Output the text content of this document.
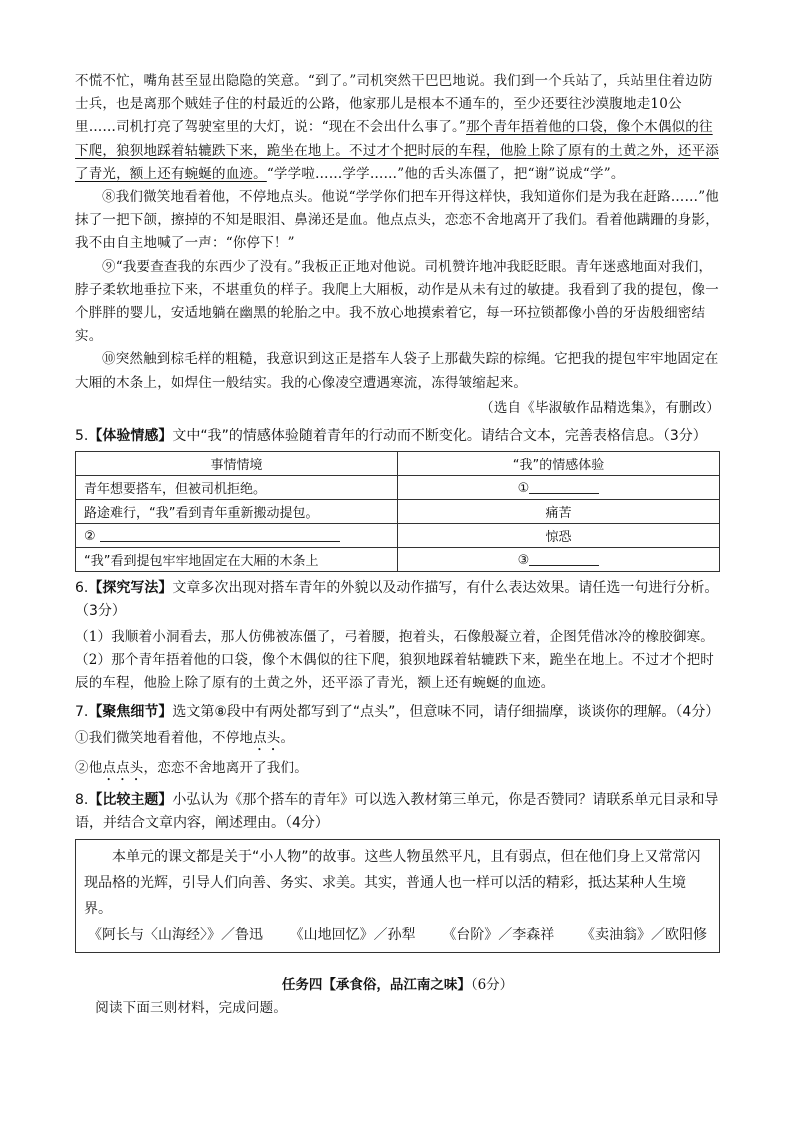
不慌不忙，嘴角甚至显出隐隐的笑意。“到了。”司机突然干巴巴地说。我们到一个兵站了，兵站里住着边防士兵，也是离那个贼娃子住的村最近的公路，他家那儿是根本不通车的，至少还要往沙漠腹地走10公里……司机打亮了驾驶室里的大灯，说：“现在不会出什么事了。”那个青年捂着他的口袋，像个木偶似的往下爬，狼狈地踩着轱辘跌下来，跪坐在地上。不过才个把时辰的车程，他脸上除了原有的土黄之外，还平添了青光，额上还有蜿蜒的血迹。“学学啦……学学……”他的舌头冻僵了，把“谢”说成“学”。

⑧我们微笑地看着他，不停地点头。他说“学学你们把车开得这样快，我知道你们是为我在赶路……”他抹了一把下颌，擦掉的不知是眼泪、鼻涕还是血。他点点头，恋恋不舍地离开了我们。看着他蹒跚的身影，我不由自主地喊了一声：“你停下！”

⑨“我要查查我的东西少了没有。”我板正正地对他说。司机赞许地冲我眨眨眼。青年迷惑地面对我们，脖子柔软地垂拉下来，不堪重负的样子。我爬上大厢板，动作是从未有过的敏捷。我看到了我的提包，像一个胖胖的婴儿，安适地躺在幽黑的轮胎之中。我不放心地摸索着它，每一环拉锁都像小兽的牙齿般细密结实。

⑩突然触到棕毛样的粗糙，我意识到这正是搭车人袋子上那截失踪的棕绳。它把我的提包牢牢地固定在大厢的木条上，如焊住一般结实。我的心像凌空遭遇寒流，冻得皱缩起来。

（选自《毕淑敏作品精选集》，有删改）

5.【体验情感】文中“我”的情感体验随着青年的行动而不断变化。请结合文本，完善表格信息。（3分）

事情情境	“我”的情感体验
青年想要搭车，但被司机拒绝。	①
路途难行，“我”看到青年重新搬动提包。	痛苦
②	惊恐
“我”看到提包牢牢地固定在大厢的木条上	③

6.【探究写法】文章多次出现对搭车青年的外貌以及动作描写，有什么表达效果。请任选一句进行分析。（3分）

（1）我顺着小洞看去，那人仿佛被冻僵了，弓着腰，抱着头，石像般凝立着，企图凭借冰冷的橡胶御寒。

（2）那个青年捂着他的口袋，像个木偶似的往下爬，狼狈地踩着轱辘跌下来，跪坐在地上。不过才个把时辰的车程，他脸上除了原有的土黄之外，还平添了青光，额上还有蜿蜒的血迹。

7.【聚焦细节】选文第⑧段中有两处都写到了“点头”，但意味不同，请仔细揣摩，谈谈你的理解。（4分）

①我们微笑地看着他，不停地点头。

②他点点头，恋恋不舍地离开了我们。

8.【比较主题】小弘认为《那个搭车的青年》可以选入教材第三单元，你是否赞同？请联系单元目录和导语，并结合文章内容，阐述理由。（4分）

本单元的课文都是关于“小人物”的故事。这些人物虽然平凡，且有弱点，但在他们身上又常常闪现品格的光辉，引导人们向善、务实、求美。其实，普通人也一样可以活的精彩，抵达某种人生境界。

《阿长与〈山海经〉》／鲁迅 《山地回忆》／孙犁 《台阶》／李森祥 《卖油翁》／欧阳修

任务四【承食俗，品江南之味】（6分）

阅读下面三则材料，完成问题。
